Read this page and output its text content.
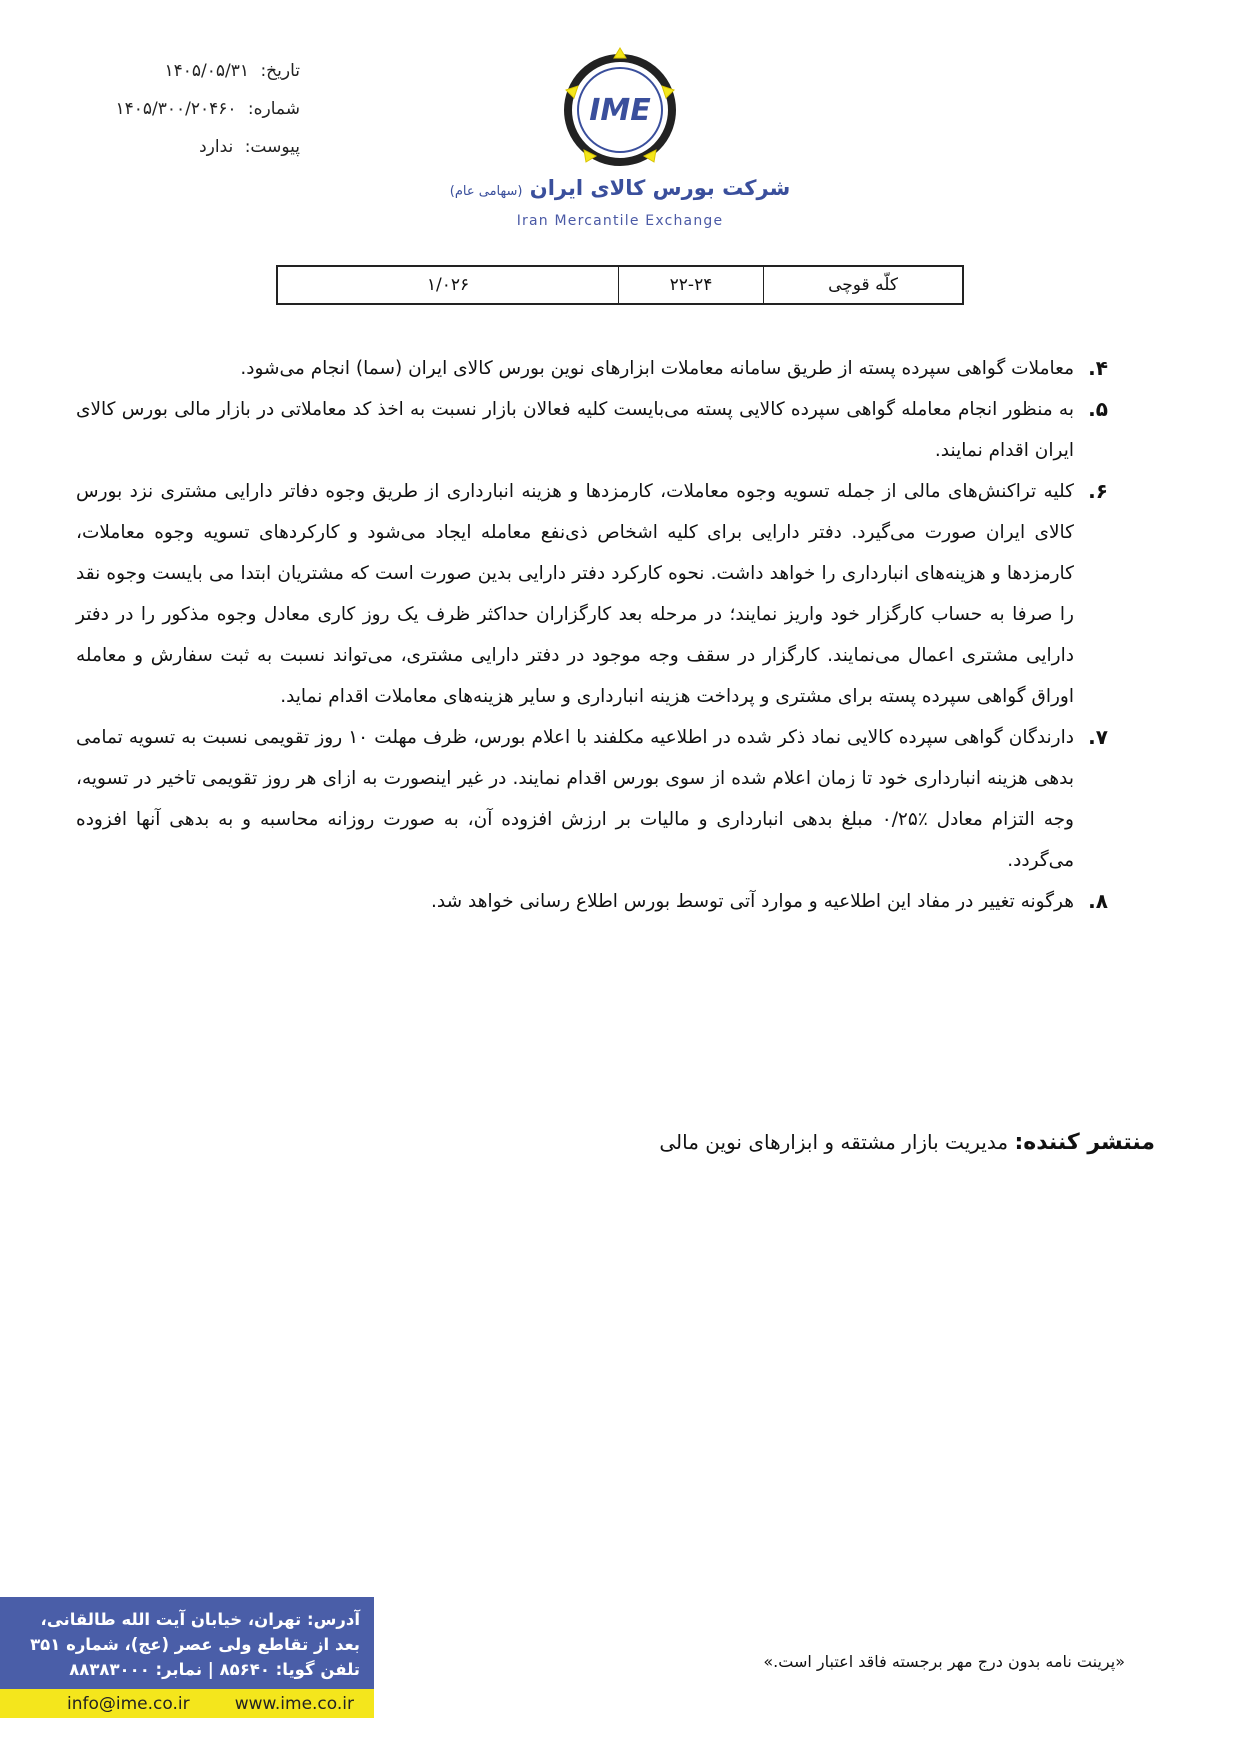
تاریخ: ۱۴۰۵/۰۵/۳۱
شماره: ۱۴۰۵/۳۰۰/۲۰۴۶۰
پیوست: ندارد
IME
شرکت بورس کالای ایران (سهامی عام)
Iran Mercantile Exchange
کلّه قوچی
۲۲-۲۴
۱/۰۲۶
۴.
معاملات گواهی سپرده پسته از طریق سامانه معاملات ابزارهای نوین بورس کالای ایران (سما) انجام می‌شود.
۵.
به منظور انجام معامله گواهی سپرده کالایی پسته می‌بایست کلیه فعالان بازار نسبت به اخذ کد معاملاتی در بازار مالی بورس کالای ایران اقدام نمایند.
۶.
کلیه تراکنش‌های مالی از جمله تسویه وجوه معاملات، کارمزدها و هزینه انبارداری از طریق وجوه دفاتر دارایی مشتری نزد بورس کالای ایران صورت می‌گیرد. دفتر دارایی برای کلیه اشخاص ذی‌نفع معامله ایجاد می‌شود و کارکردهای تسویه وجوه معاملات، کارمزدها و هزینه‌های انبارداری را خواهد داشت. نحوه کارکرد دفتر دارایی بدین صورت است که مشتریان ابتدا می بایست وجوه نقد را صرفا به حساب کارگزار خود واریز نمایند؛ در مرحله بعد کارگزاران حداکثر ظرف یک روز کاری معادل وجوه مذکور را در دفتر دارایی مشتری اعمال می‌نمایند. کارگزار در سقف وجه موجود در دفتر دارایی مشتری، می‌تواند نسبت به ثبت سفارش و معامله اوراق گواهی سپرده پسته برای مشتری و پرداخت هزینه انبارداری و سایر هزینه‌های معاملات اقدام نماید.
۷.
دارندگان گواهی سپرده کالایی نماد ذکر شده در اطلاعیه مکلفند با اعلام بورس، ظرف مهلت ۱۰ روز تقویمی نسبت به تسویه تمامی بدهی هزینه انبارداری خود تا زمان اعلام شده از سوی بورس اقدام نمایند. در غیر اینصورت به ازای هر روز تقویمی تاخیر در تسویه، وجه التزام معادل ٪۰/۲۵ مبلغ بدهی انبارداری و مالیات بر ارزش افزوده آن، به صورت روزانه محاسبه و به بدهی آنها افزوده می‌گردد.
۸.
هرگونه تغییر در مفاد این اطلاعیه و موارد آتی توسط بورس اطلاع رسانی خواهد شد.
منتشر کننده: مدیریت بازار مشتقه و ابزارهای نوین مالی
آدرس: تهران، خیابان آیت الله طالقانی،
بعد از تقاطع ولی عصر (عج)، شماره ۳۵۱
تلفن گویا: ۸۵۶۴۰ | نمابر: ۸۸۳۸۳۰۰۰
info@ime.co.ir	www.ime.co.ir
«پرینت نامه بدون درج مهر برجسته فاقد اعتبار است.»
